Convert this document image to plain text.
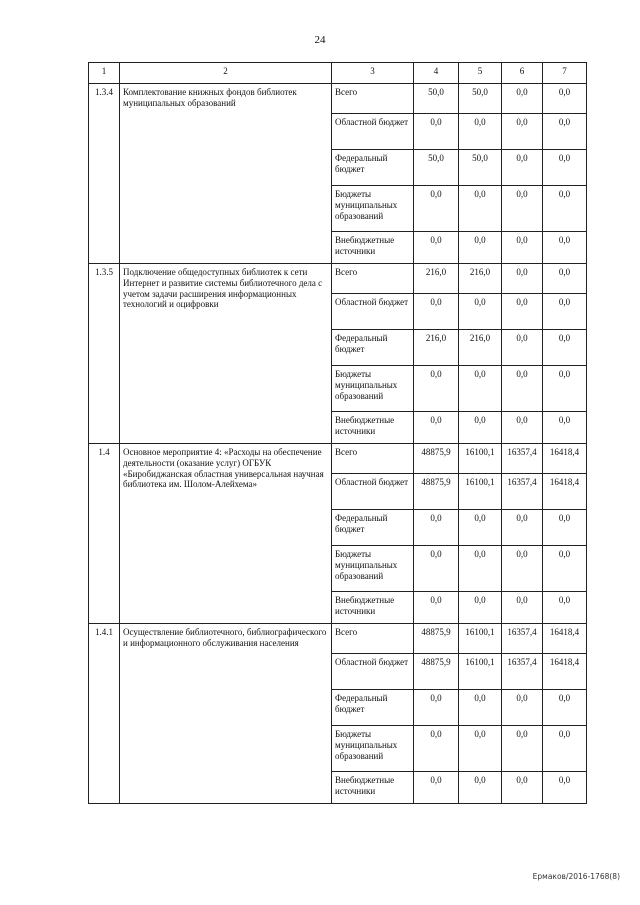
24
1	2	3	4	5	6	7
1.3.4	Комплектование книжных фондов библиотек муниципальных образований	Всего	50,0	50,0	0,0	0,0
		Областной бюджет	0,0	0,0	0,0	0,0
		Федеральный бюджет	50,0	50,0	0,0	0,0
		Бюджеты муниципальных образований	0,0	0,0	0,0	0,0
		Внебюджетные источники	0,0	0,0	0,0	0,0
1.3.5	Подключение общедоступных библиотек к сети Интернет и развитие системы библиотечного дела с учетом задачи расширения информационных технологий и оцифровки	Всего	216,0	216,0	0,0	0,0
		Областной бюджет	0,0	0,0	0,0	0,0
		Федеральный бюджет	216,0	216,0	0,0	0,0
		Бюджеты муниципальных образований	0,0	0,0	0,0	0,0
		Внебюджетные источники	0,0	0,0	0,0	0,0
1.4	Основное мероприятие 4: «Расходы на обеспечение деятельности (оказание услуг) ОГБУК «Биробиджанская областная универсальная научная библиотека им. Шолом-Алейхема»	Всего	48875,9	16100,1	16357,4	16418,4
		Областной бюджет	48875,9	16100,1	16357,4	16418,4
		Федеральный бюджет	0,0	0,0	0,0	0,0
		Бюджеты муниципальных образований	0,0	0,0	0,0	0,0
		Внебюджетные источники	0,0	0,0	0,0	0,0
1.4.1	Осуществление библиотечного, библиографического и информационного обслуживания населения	Всего	48875,9	16100,1	16357,4	16418,4
		Областной бюджет	48875,9	16100,1	16357,4	16418,4
		Федеральный бюджет	0,0	0,0	0,0	0,0
		Бюджеты муниципальных образований	0,0	0,0	0,0	0,0
		Внебюджетные источники	0,0	0,0	0,0	0,0
Ермаков/2016-1768(8)
